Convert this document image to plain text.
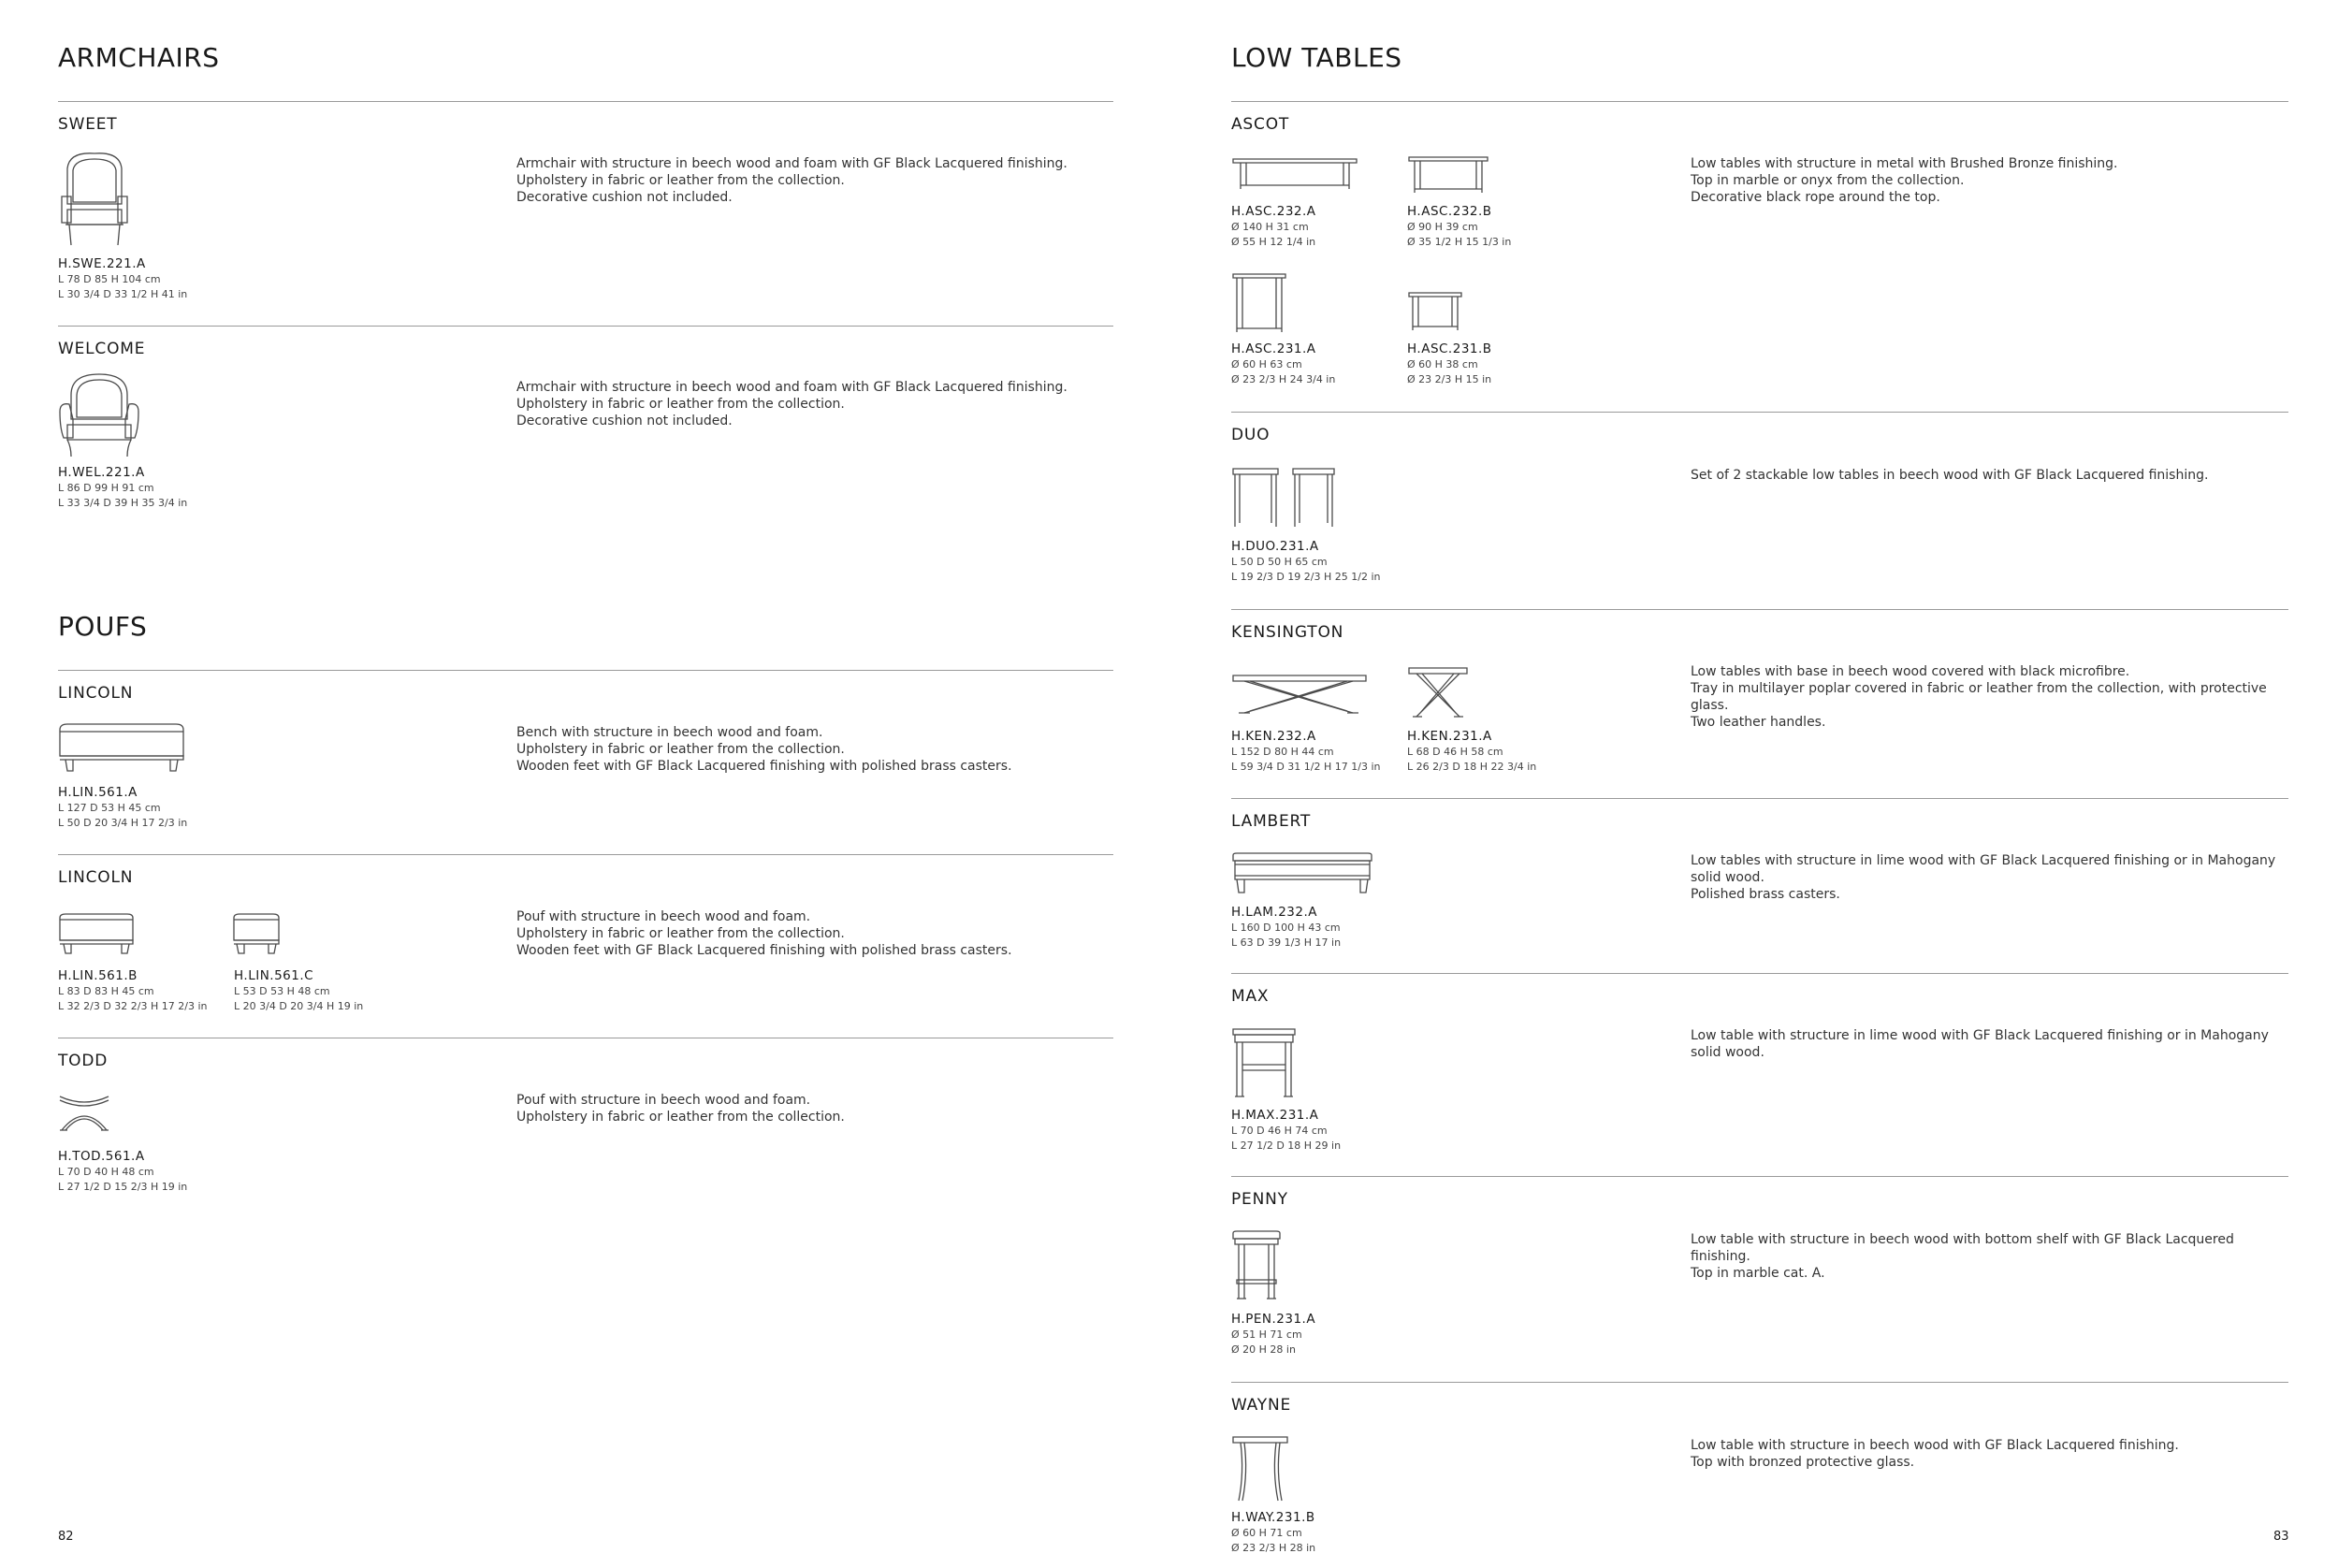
ARMCHAIRS
SWEET
H.SWE.221.A
L 78 D 85 H 104 cm
L 30 3/4 D 33 1/2 H 41 in
Armchair with structure in beech wood and foam with GF Black Lacquered finishing.
Upholstery in fabric or leather from the collection.
Decorative cushion not included.
WELCOME
H.WEL.221.A
L 86 D 99 H 91 cm
L 33 3/4 D 39 H 35 3/4 in
Armchair with structure in beech wood and foam with GF Black Lacquered finishing.
Upholstery in fabric or leather from the collection.
Decorative cushion not included.
POUFS
LINCOLN
H.LIN.561.A
L 127 D 53 H 45 cm
L 50 D 20 3/4 H 17 2/3 in
Bench with structure in beech wood and foam.
Upholstery in fabric or leather from the collection.
Wooden feet with GF Black Lacquered finishing with polished brass casters.
LINCOLN
H.LIN.561.B
L 83 D 83 H 45 cm
L 32 2/3 D 32 2/3 H 17 2/3 in
H.LIN.561.C
L 53 D 53 H 48 cm
L 20 3/4 D 20 3/4 H 19 in
Pouf with structure in beech wood and foam.
Upholstery in fabric or leather from the collection.
Wooden feet with GF Black Lacquered finishing with polished brass casters.
TODD
H.TOD.561.A
L 70 D 40 H 48 cm
L 27 1/2 D 15 2/3 H 19 in
Pouf with structure in beech wood and foam.
Upholstery in fabric or leather from the collection.
82
LOW TABLES
ASCOT
H.ASC.232.A
Ø 140 H 31 cm
Ø 55 H 12 1/4 in
H.ASC.232.B
Ø 90 H 39 cm
Ø 35 1/2 H 15 1/3 in
H.ASC.231.A
Ø 60 H 63 cm
Ø 23 2/3 H 24 3/4 in
H.ASC.231.B
Ø 60 H 38 cm
Ø 23 2/3 H 15 in
Low tables with structure in metal with Brushed Bronze finishing.
Top in marble or onyx from the collection.
Decorative black rope around the top.
DUO
H.DUO.231.A
L 50 D 50 H 65 cm
L 19 2/3 D 19 2/3 H 25 1/2 in
Set of 2 stackable low tables in beech wood with GF Black Lacquered finishing.
KENSINGTON
H.KEN.232.A
L 152 D 80 H 44 cm
L 59 3/4 D 31 1/2 H 17 1/3 in
H.KEN.231.A
L 68 D 46 H 58 cm
L 26 2/3 D 18 H 22 3/4 in
Low tables with base in beech wood covered with black microfibre.
Tray in multilayer poplar covered in fabric or leather from the collection, with protective glass.
Two leather handles.
LAMBERT
H.LAM.232.A
L 160 D 100 H 43 cm
L 63 D 39 1/3 H 17 in
Low tables with structure in lime wood with GF Black Lacquered finishing or in Mahogany solid wood.
Polished brass casters.
MAX
H.MAX.231.A
L 70 D 46 H 74 cm
L 27 1/2 D 18 H 29 in
Low table with structure in lime wood with GF Black Lacquered finishing or in Mahogany solid wood.
PENNY
H.PEN.231.A
Ø 51 H 71 cm
Ø 20 H 28 in
Low table with structure in beech wood with bottom shelf with GF Black Lacquered finishing.
Top in marble cat. A.
WAYNE
H.WAY.231.B
Ø 60 H 71 cm
Ø 23 2/3 H 28 in
Low table with structure in beech wood with GF Black Lacquered finishing.
Top with bronzed protective glass.
83
